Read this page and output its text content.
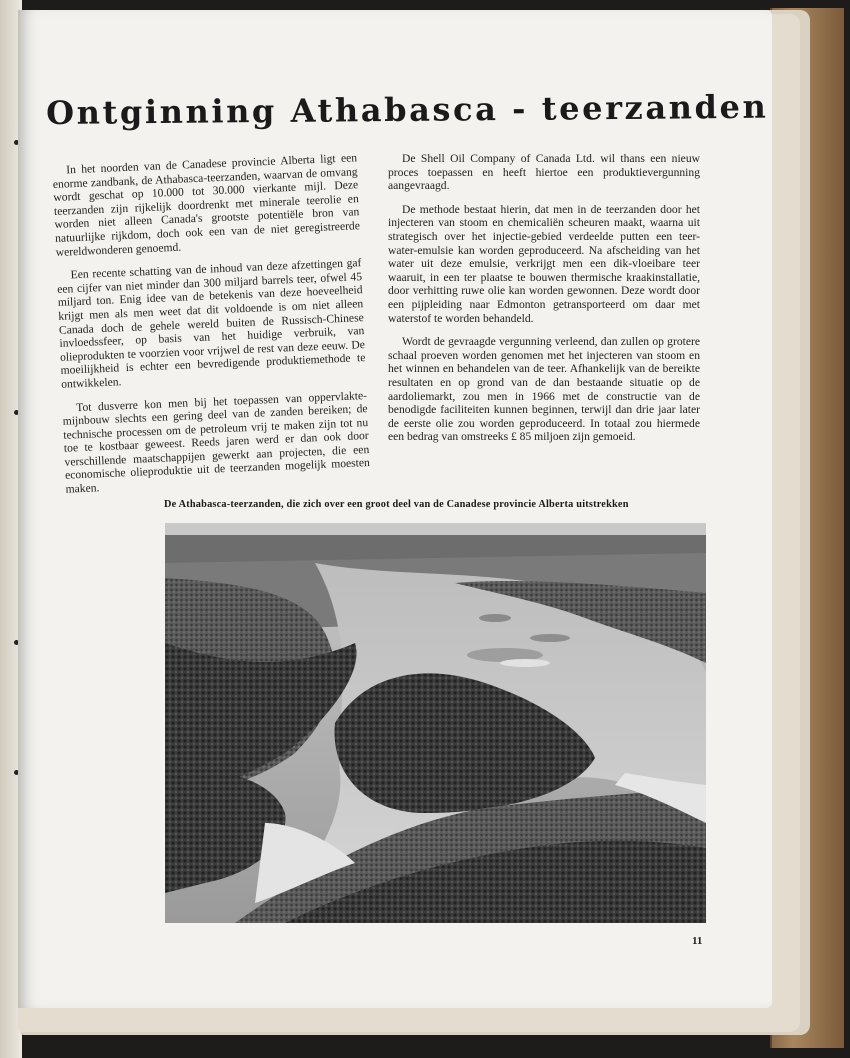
Ontginning Athabasca - teerzanden

In het noorden van de Canadese provincie Alberta ligt een enorme zandbank, de Athabasca-teerzanden, waarvan de omvang wordt geschat op 10.000 tot 30.000 vierkante mijl. Deze teerzanden zijn rijkelijk doordrenkt met minerale teerolie en worden niet alleen Canada's grootste potentiële bron van natuurlijke rijkdom, doch ook een van de niet geregistreerde wereldwonderen genoemd.

Een recente schatting van de inhoud van deze afzettingen gaf een cijfer van niet minder dan 300 miljard barrels teer, ofwel 45 miljard ton. Enig idee van de betekenis van deze hoeveelheid krijgt men als men weet dat dit voldoende is om niet alleen Canada doch de gehele wereld buiten de Russisch-Chinese invloedssfeer, op basis van het huidige verbruik, van olieprodukten te voorzien voor vrijwel de rest van deze eeuw. De moeilijkheid is echter een bevredigende produktiemethode te ontwikkelen.

Tot dusverre kon men bij het toepassen van oppervlakte-mijnbouw slechts een gering deel van de zanden bereiken; de technische processen om de petroleum vrij te maken zijn tot nu toe te kostbaar geweest. Reeds jaren werd er dan ook door verschillende maatschappijen gewerkt aan projecten, die een economische olieproduktie uit de teerzanden mogelijk moesten maken.

De Shell Oil Company of Canada Ltd. wil thans een nieuw proces toepassen en heeft hiertoe een produktievergunning aangevraagd.

De methode bestaat hierin, dat men in de teerzanden door het injecteren van stoom en chemicaliën scheuren maakt, waarna uit strategisch over het injectie-gebied verdeelde putten een teer-water-emulsie kan worden geproduceerd. Na afscheiding van het water uit deze emulsie, verkrijgt men een dik-vloeibare teer waaruit, in een ter plaatse te bouwen thermische kraakinstallatie, door verhitting ruwe olie kan worden gewonnen. Deze wordt door een pijpleiding naar Edmonton getransporteerd om daar met waterstof te worden behandeld.

Wordt de gevraagde vergunning verleend, dan zullen op grotere schaal proeven worden genomen met het injecteren van stoom en het winnen en behandelen van de teer. Afhankelijk van de bereikte resultaten en op grond van de dan bestaande situatie op de aardoliemarkt, zou men in 1966 met de constructie van de benodigde faciliteiten kunnen beginnen, terwijl dan drie jaar later de eerste olie zou worden geproduceerd. In totaal zou hiermede een bedrag van omstreeks £ 85 miljoen zijn gemoeid.

De Athabasca-teerzanden, die zich over een groot deel van de Canadese provincie Alberta uitstrekken
11
